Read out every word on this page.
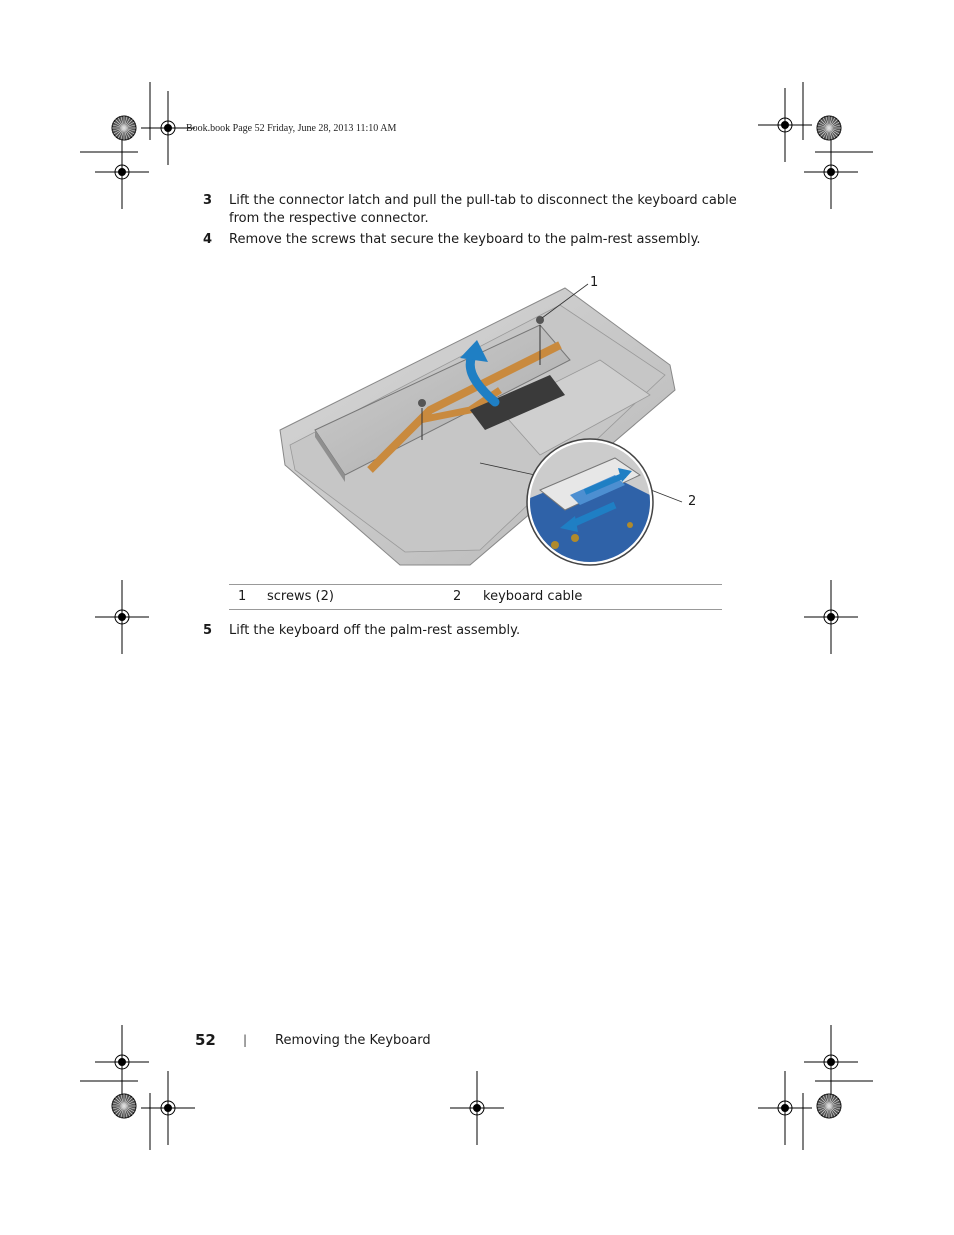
Book.book Page 52 Friday, June 28, 2013 11:10 AM
3 Lift the connector latch and pull the pull-tab to disconnect the keyboard cable from the respective connector.
4 Remove the screws that secure the keyboard to the palm-rest assembly.
1
2
1 screws (2)	2 keyboard cable
5 Lift the keyboard off the palm-rest assembly.
52 | Removing the Keyboard
